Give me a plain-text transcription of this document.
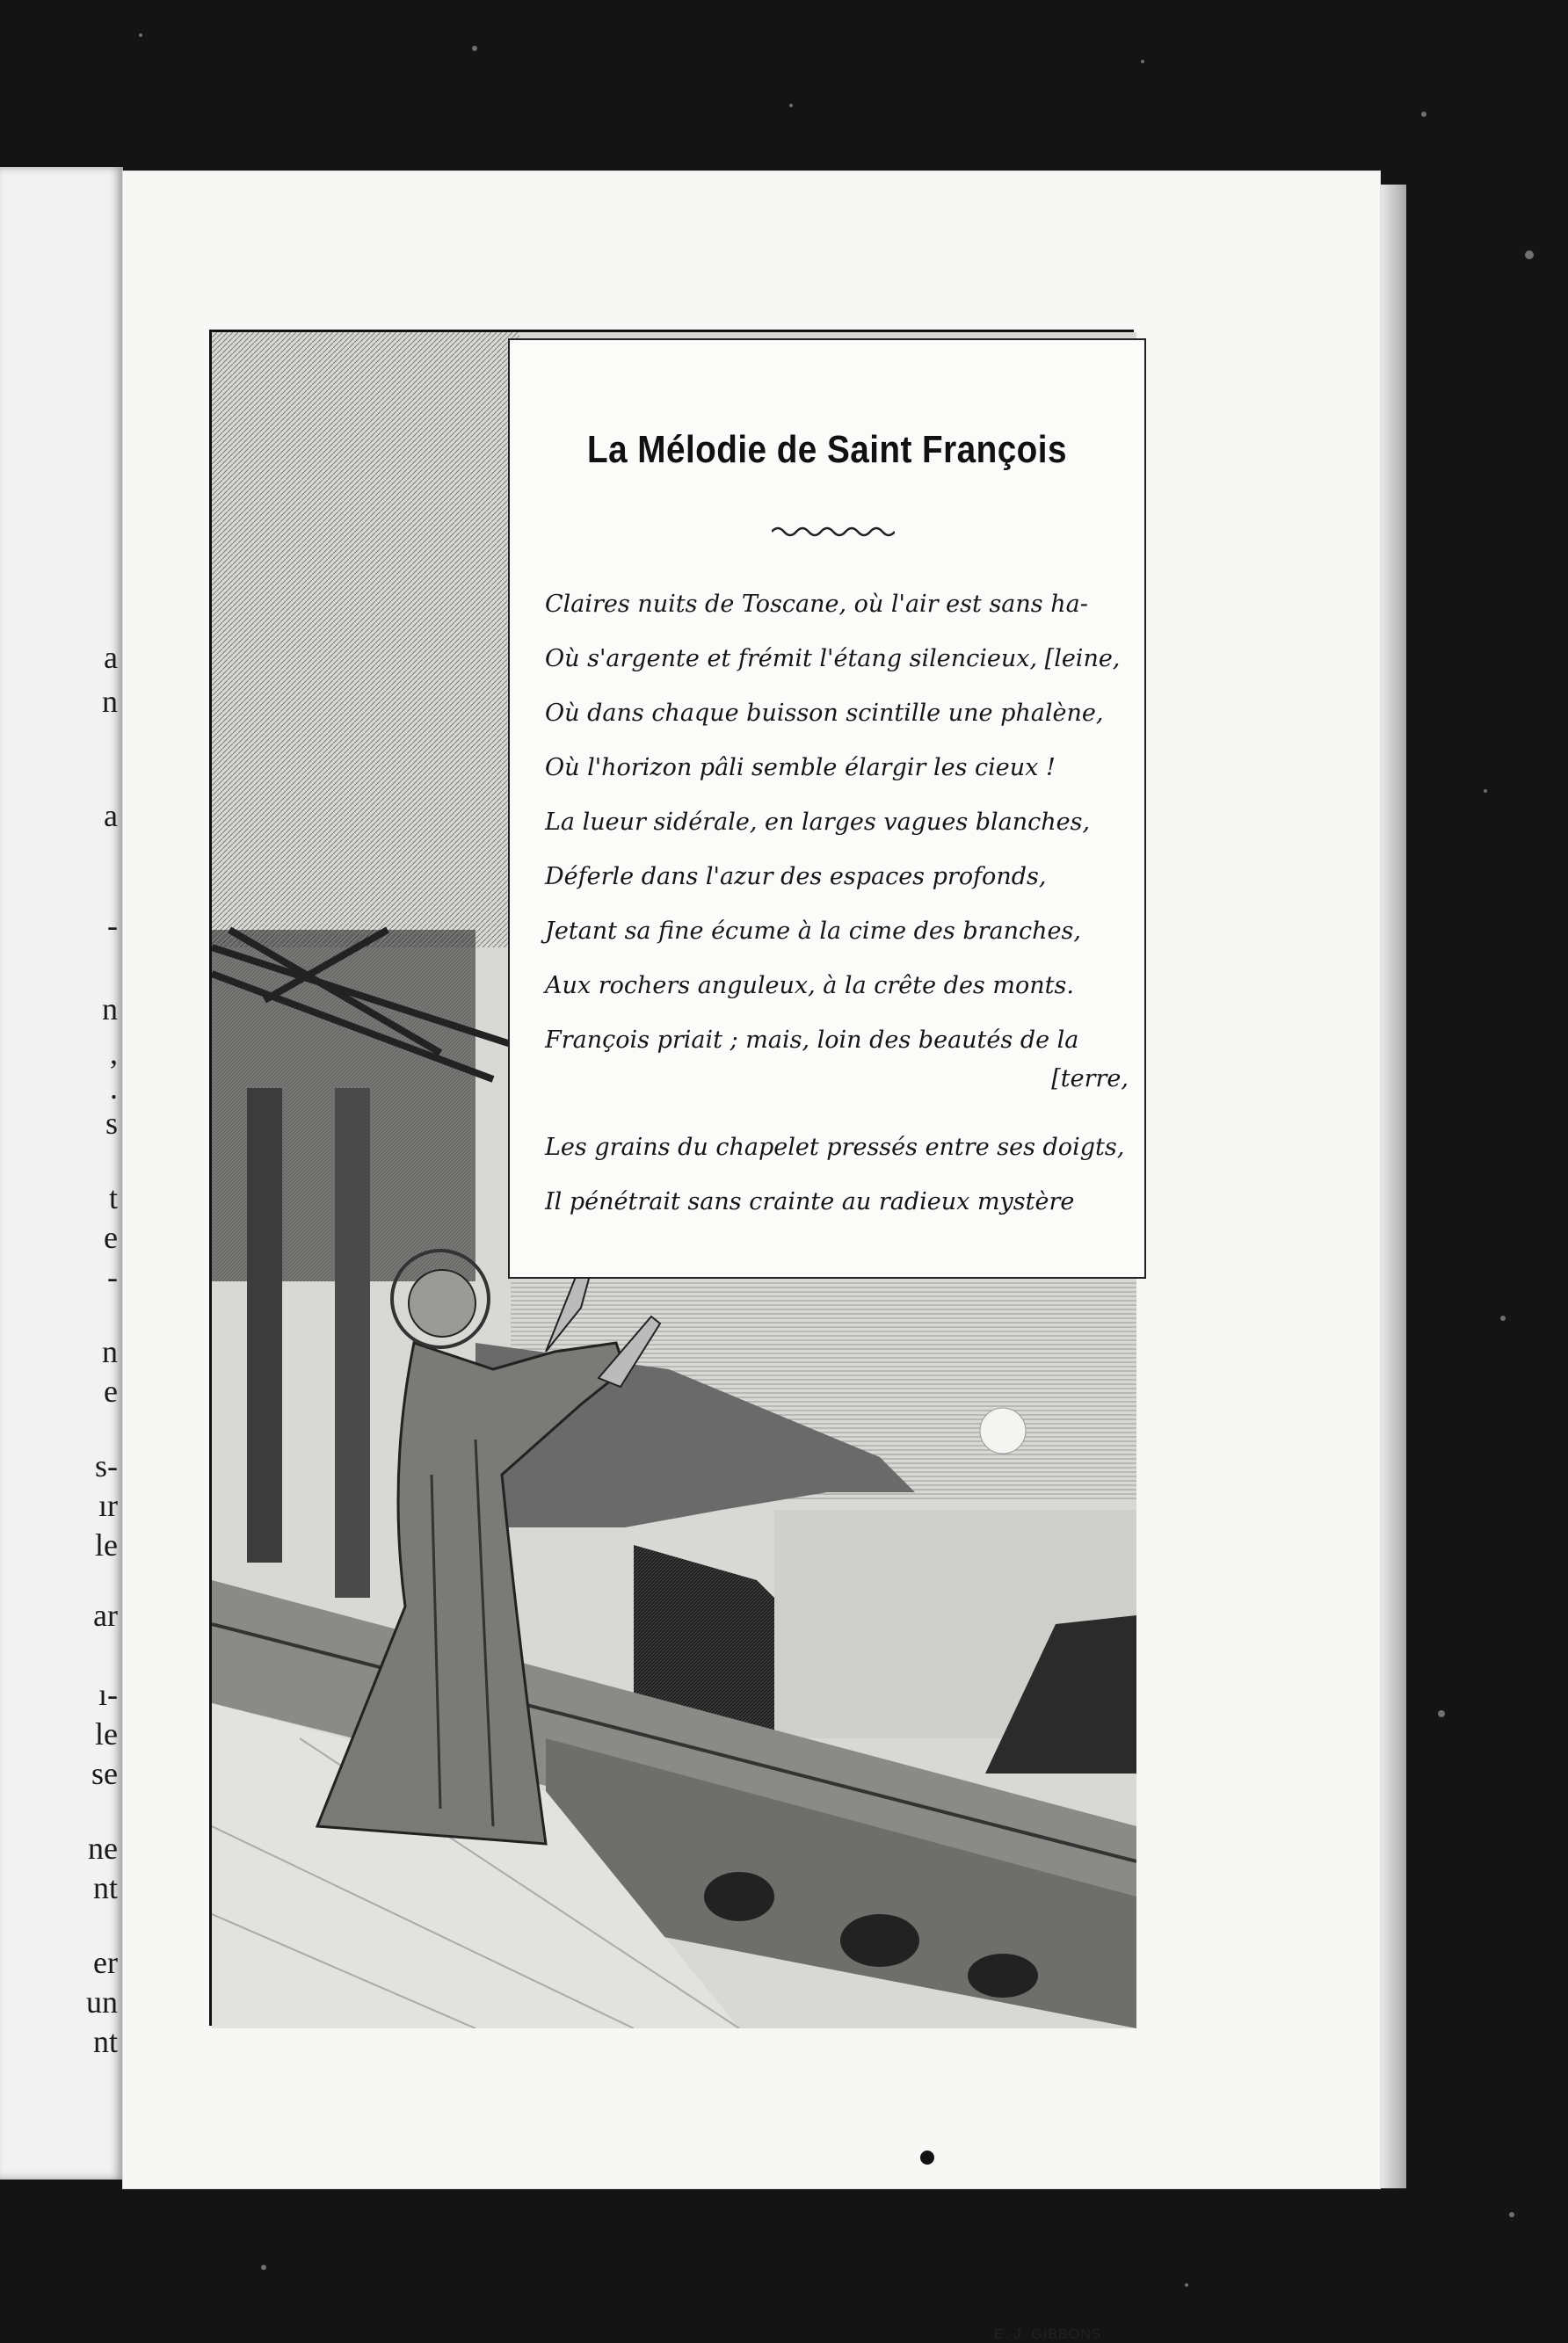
a
n
a
-
n
,
.
s
t
e
-
n
e
s-
ır
le
ar
ı-
le
se
ne
nt
er
un
nt
E. J. GIBBONS
La Mélodie de Saint François
Claires nuits de Toscane, où l'air est sans ha-
Où s'argente et frémit l'étang silencieux, [leine,
Où dans chaque buisson scintille une phalène,
Où l'horizon pâli semble élargir les cieux !
La lueur sidérale, en larges vagues blanches,
Déferle dans l'azur des espaces profonds,
Jetant sa fine écume à la cime des branches,
Aux rochers anguleux, à la crête des monts.
François priait ; mais, loin des beautés de la
[terre,
Les grains du chapelet pressés entre ses doigts,
Il pénétrait sans crainte au radieux mystère
